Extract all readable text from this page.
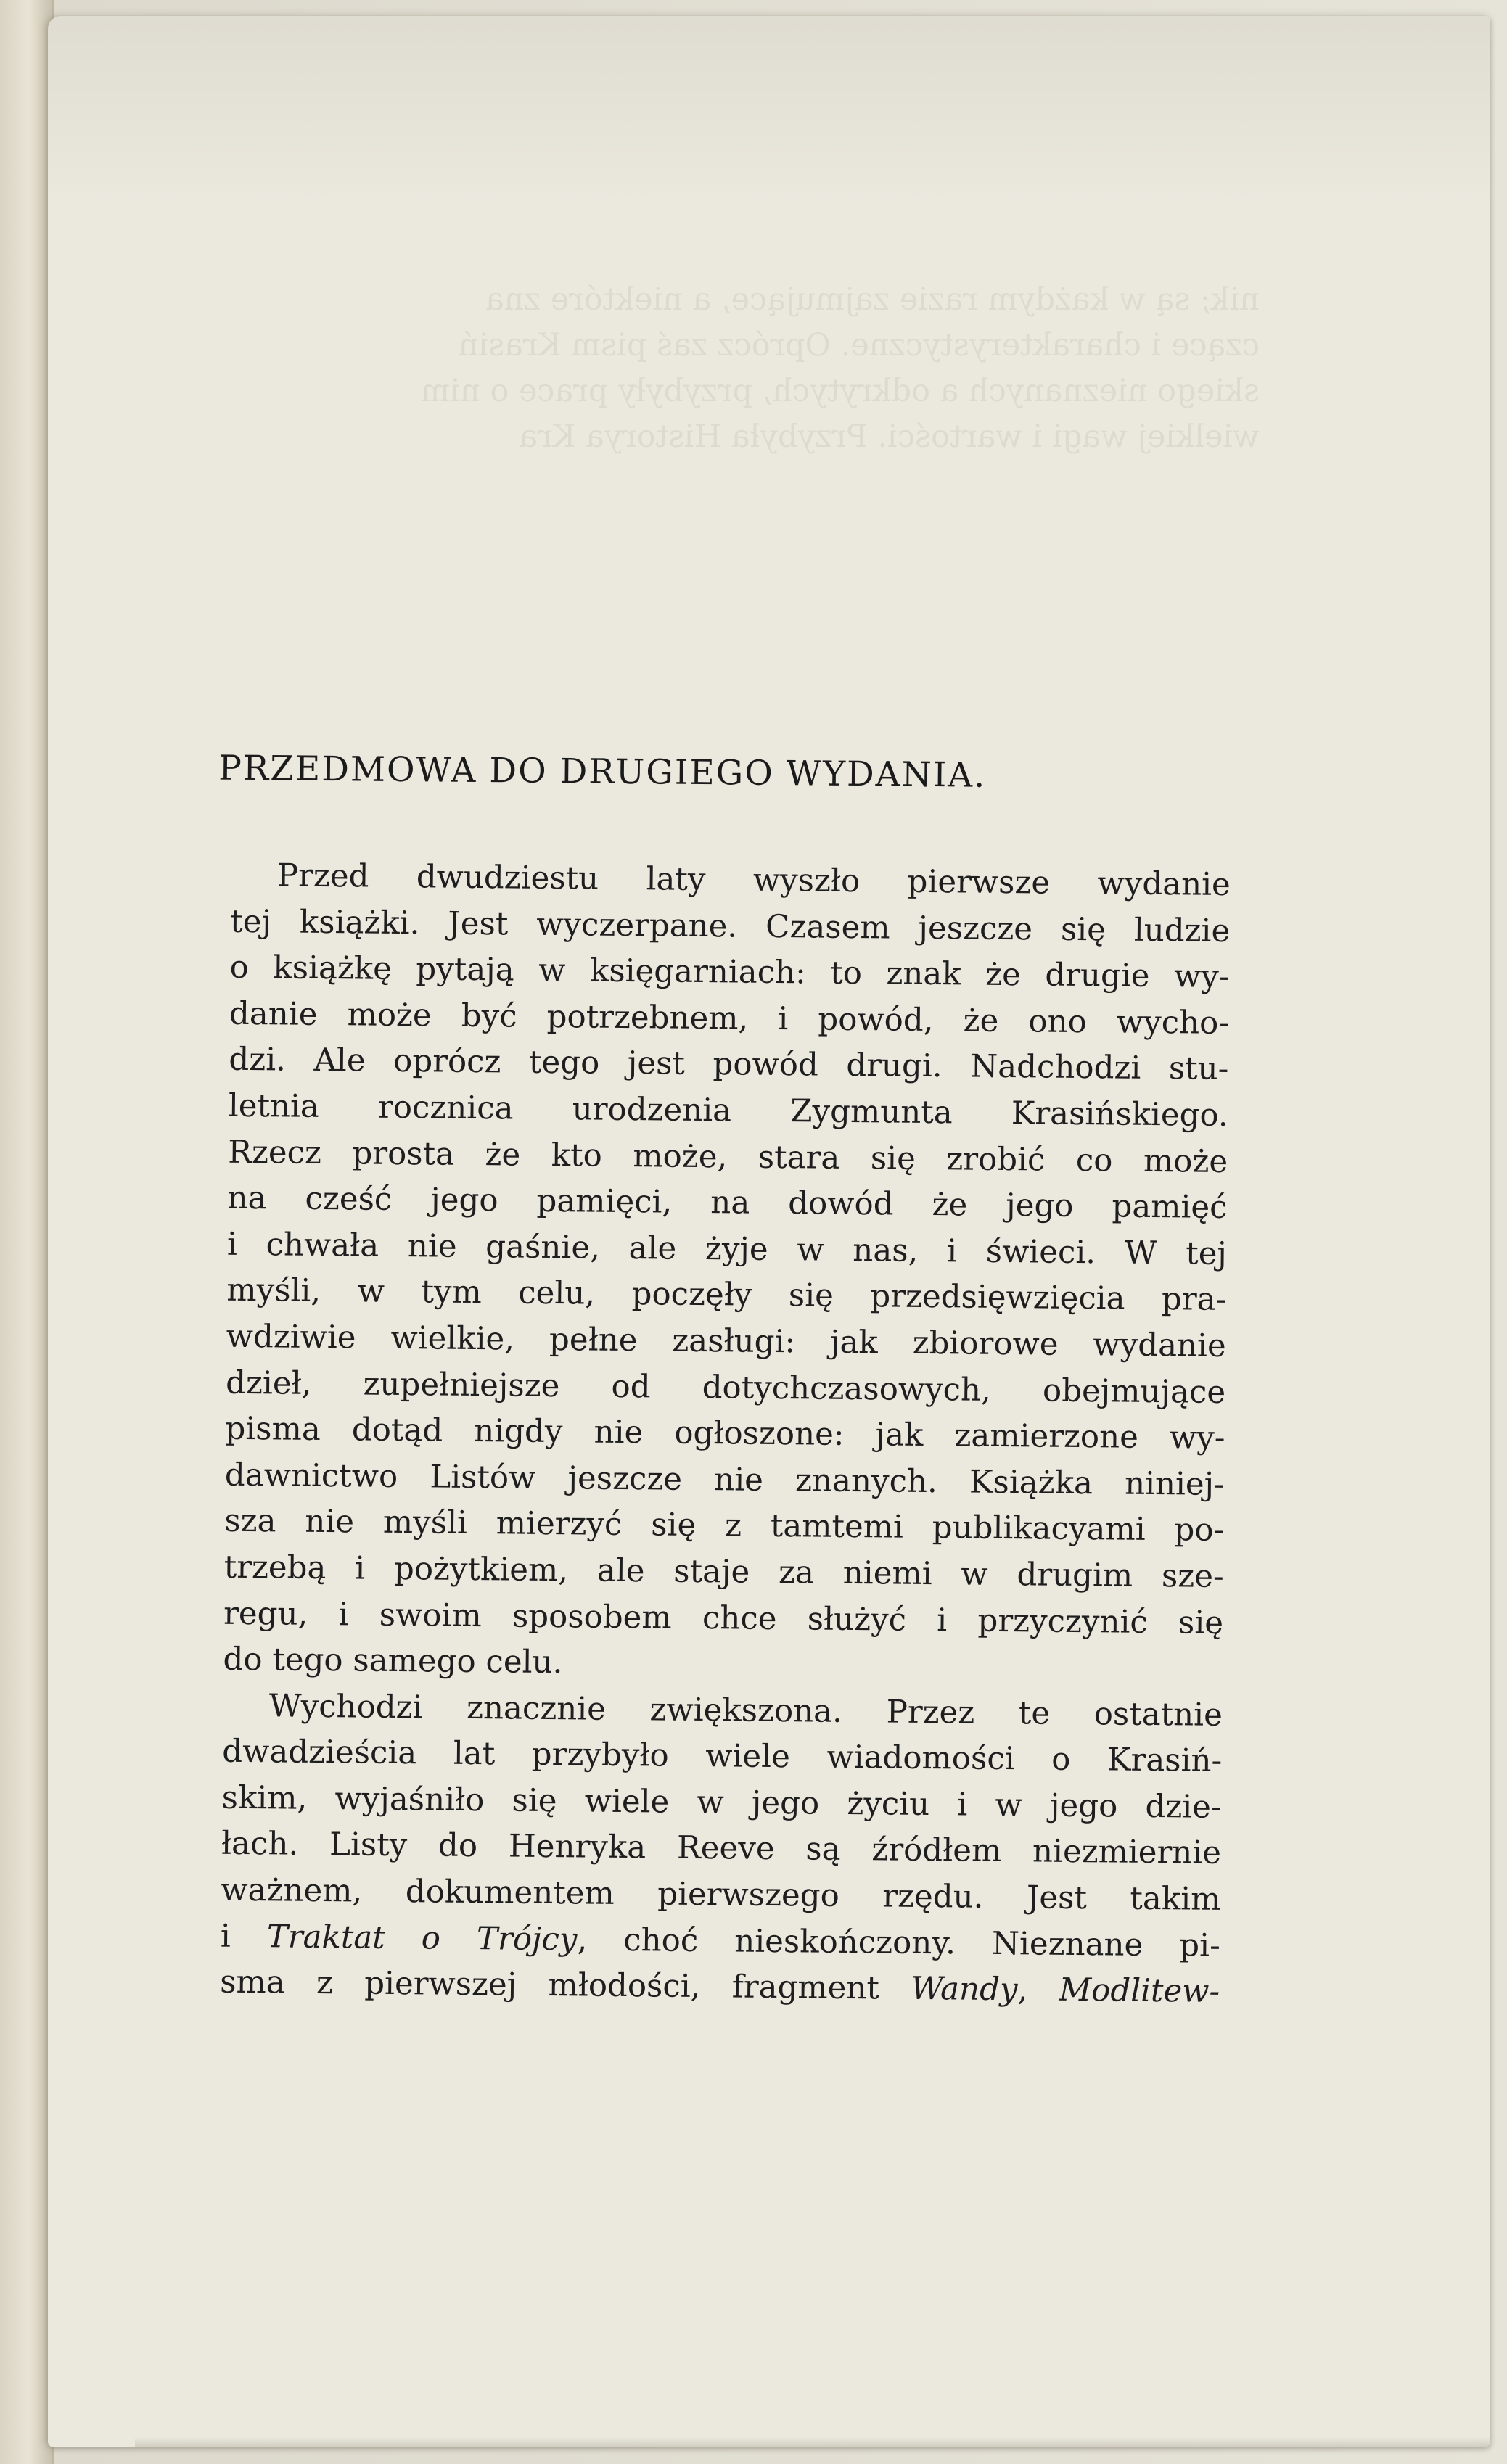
nik; są w każdym razie zajmujące, a niektóre zna
czące i charakterystyczne. Oprócz zaś pism Krasiń
skiego nieznanych a odkrytych, przybyły prace o nim
wielkiej wagi i wartości. Przybyła Historya Kra
PRZEDMOWA DO DRUGIEGO WYDANIA.
Przed dwudziestu laty wyszło pierwsze wydanie
tej książki. Jest wyczerpane. Czasem jeszcze się ludzie
o książkę pytają w księgarniach: to znak że drugie wy-
danie może być potrzebnem, i powód, że ono wycho-
dzi. Ale oprócz tego jest powód drugi. Nadchodzi stu-
letnia rocznica urodzenia Zygmunta Krasińskiego.
Rzecz prosta że kto może, stara się zrobić co może
na cześć jego pamięci, na dowód że jego pamięć
i chwała nie gaśnie, ale żyje w nas, i świeci. W tej
myśli, w tym celu, poczęły się przedsięwzięcia pra-
wdziwie wielkie, pełne zasługi: jak zbiorowe wydanie
dzieł, zupełniejsze od dotychczasowych, obejmujące
pisma dotąd nigdy nie ogłoszone: jak zamierzone wy-
dawnictwo Listów jeszcze nie znanych. Książka niniej-
sza nie myśli mierzyć się z tamtemi publikacyami po-
trzebą i pożytkiem, ale staje za niemi w drugim sze-
regu, i swoim sposobem chce służyć i przyczynić się
do tego samego celu.
Wychodzi znacznie zwiększona. Przez te ostatnie
dwadzieścia lat przybyło wiele wiadomości o Krasiń-
skim, wyjaśniło się wiele w jego życiu i w jego dzie-
łach. Listy do Henryka Reeve są źródłem niezmiernie
ważnem, dokumentem pierwszego rzędu. Jest takim
i Traktat o Trójcy, choć nieskończony. Nieznane pi-
sma z pierwszej młodości, fragment Wandy, Modlitew-
